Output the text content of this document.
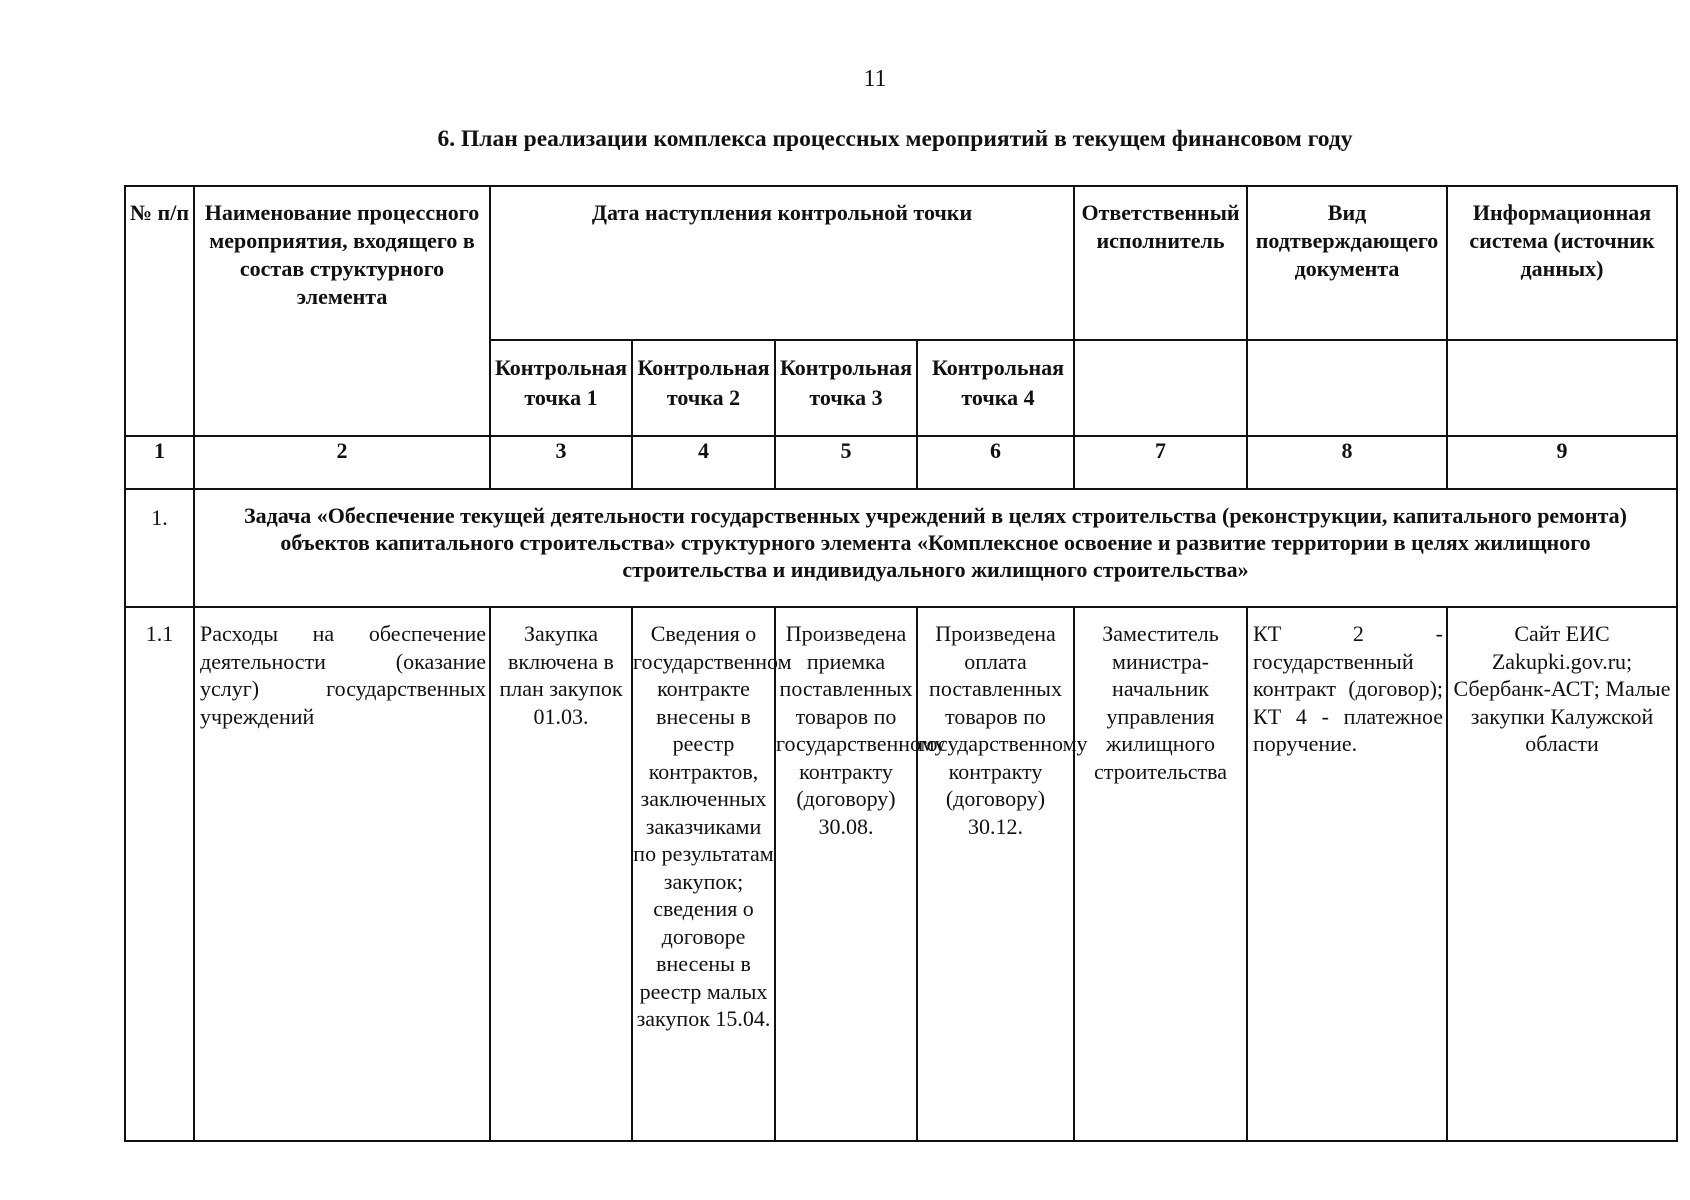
11
6. План реализации комплекса процессных мероприятий в текущем финансовом году
№ п/п	Наименование процессного мероприятия, входящего в состав структурного элемента	Дата наступления контрольной точки				Ответственный исполнитель	Вид подтверждающего документа	Информационная система (источник данных)
		Контрольная точка 1	Контрольная точка 2	Контрольная точка 3	Контрольная точка 4			
1	2	3	4	5	6	7	8	9
1.	Задача «Обеспечение текущей деятельности государственных учреждений в целях строительства (реконструкции, капитального ремонта) объектов капитального строительства» структурного элемента «Комплексное освоение и развитие территории в целях жилищного строительства и индивидуального жилищного строительства»							
1.1	Расходы на обеспечение деятельности (оказание услуг) государственных учреждений	Закупка включена в план закупок 01.03.	Сведения о государственном контракте внесены в реестр контрактов, заключенных заказчиками по результатам закупок; сведения о договоре внесены в реестр малых закупок 15.04.	Произведена приемка поставленных товаров по государственному контракту (договору) 30.08.	Произведена оплата поставленных товаров по государственному контракту (договору) 30.12.	Заместитель министра-начальник управления жилищного строительства	КТ 2 - государственный контракт (договор); КТ 4 - платежное поручение.	Сайт ЕИС Zakupki.gov.ru; Сбербанк-АСТ; Малые закупки Калужской области
